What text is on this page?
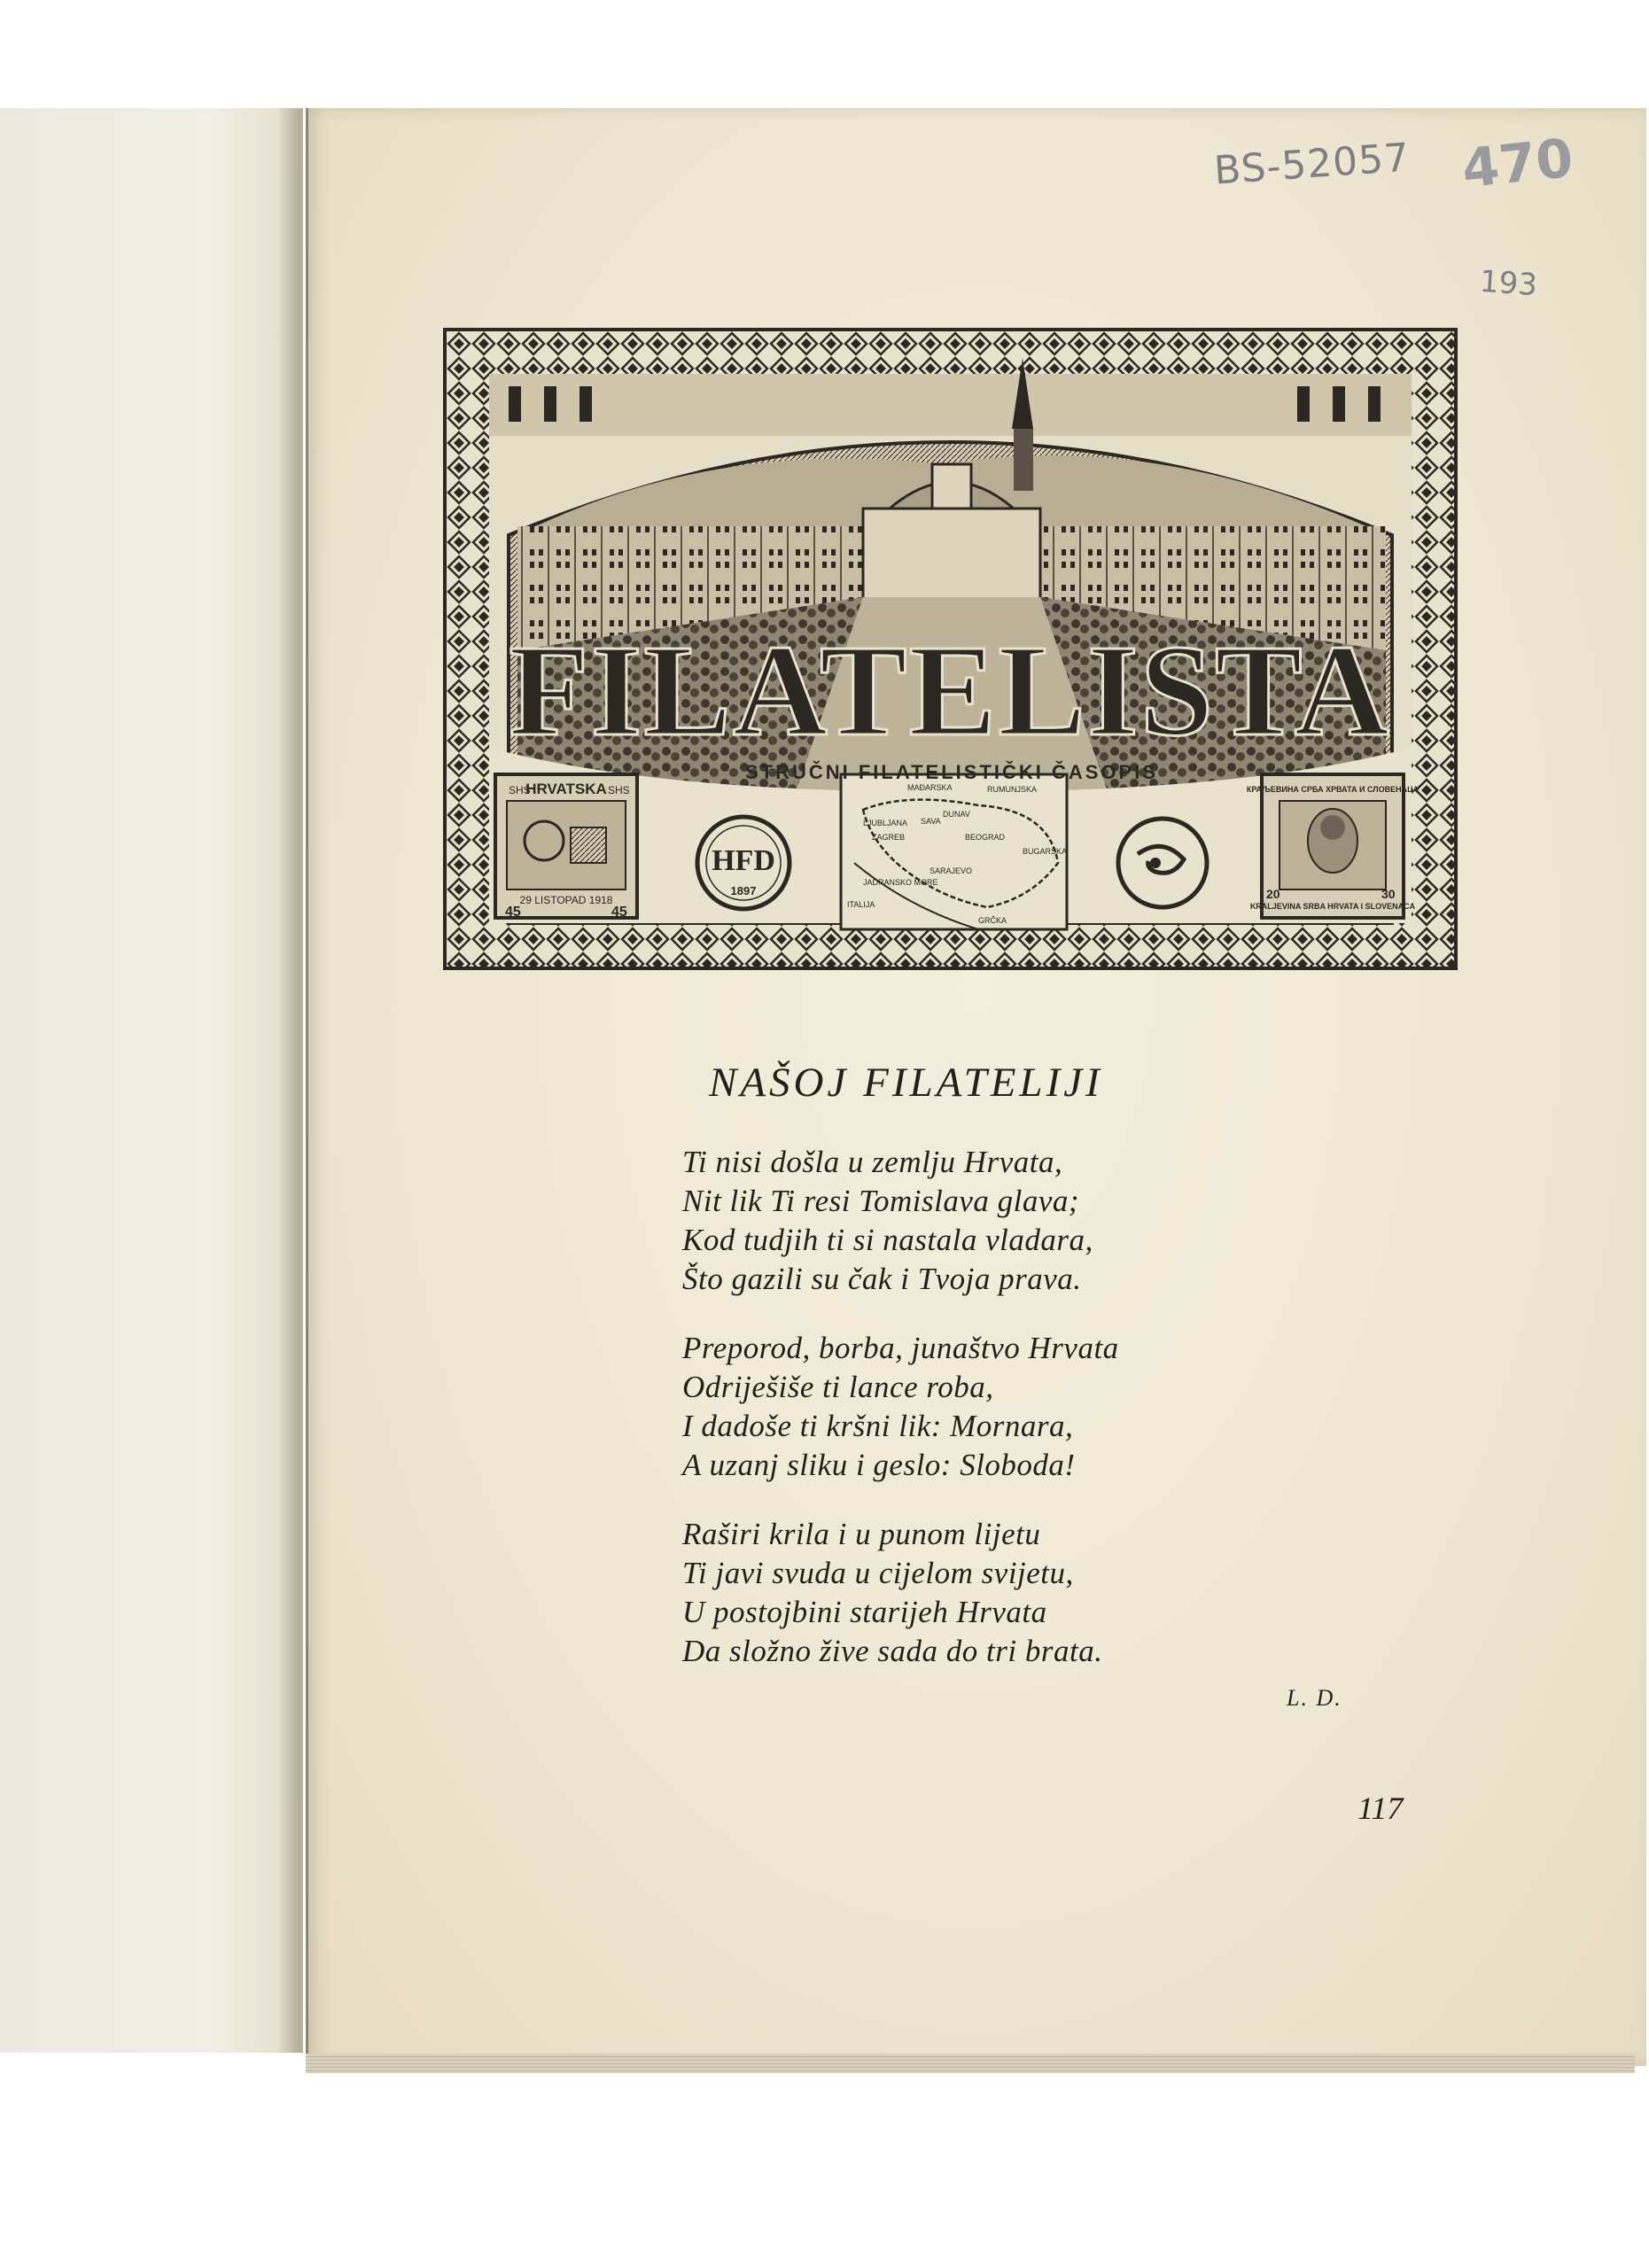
BS-52057 470
193
HRVATSKA
SHS	SHS
29 LISTOPAD 1918
45	45
КРАЉЕВИНА СРБА ХРВАТА И СЛОВЕНАЦА
KRALJEVINA SRBA HRVATA I SLOVENACA
20	30
HFD
1897
MAĐARSKA	RUMUNJSKA
LJUBLJANA
ZAGREB
SAVA
DUNAV
BEOGRAD
BUGARSKA
SARAJEVO
JADRANSKO MORE
ITALIJA
GRČKA
FILATELISTA
STRUČNI FILATELISTIČKI ČASOPIS
NAŠOJ FILATELIJI
Ti nisi došla u zemlju Hrvata,
Nit lik Ti resi Tomislava glava;
Kod tudjih ti si nastala vladara,
Što gazili su čak i Tvoja prava.
Preporod, borba, junaštvo Hrvata
Odriješiše ti lance roba,
I dadoše ti kršni lik: Mornara,
A uzanj sliku i geslo: Sloboda!
Raširi krila i u punom lijetu
Ti javi svuda u cijelom svijetu,
U postojbini starijeh Hrvata
Da složno žive sada do tri brata.
L. D.
117
